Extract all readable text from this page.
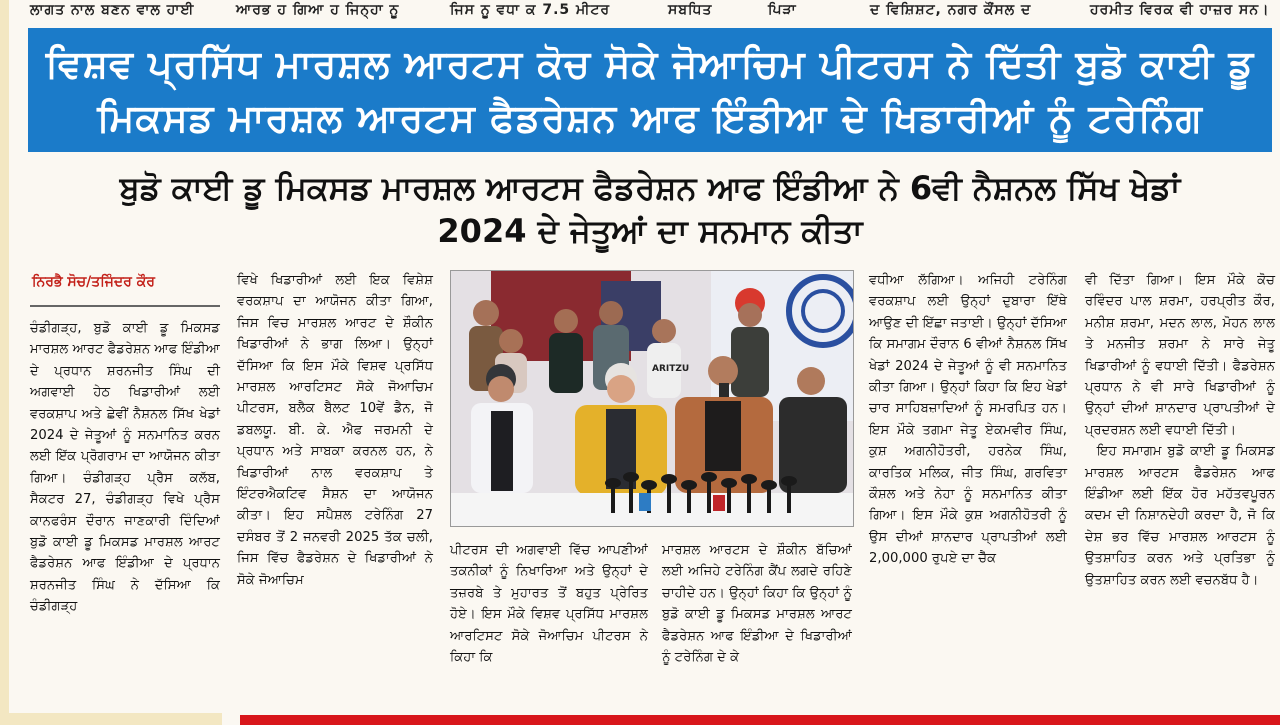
ਲਾਗਤ ਨਾਲ ਬਣਨ ਵਾਲ ਹਾਈ	ਆਰਭ ਹ ਗਿਆ ਹ ਜਿਨ੍ਹਾ ਨੂ	ਜਿਸ ਨੂ ਵਧਾ ਕ 7.5 ਮੀਟਰ	ਸਬਧਿਤ	ਪਿੜਾ	ਦ ਵਿਸ਼ਿਸ਼ਟ, ਨਗਰ ਕੌਂਸਲ ਦ	ਹਰਮੀਤ ਵਿਰਕ ਵੀ ਹਾਜ਼ਰ ਸਨ।
ਵਿਸ਼ਵ ਪ੍ਰਸਿੱਧ ਮਾਰਸ਼ਲ ਆਰਟਸ ਕੋਚ ਸੋਕੇ ਜੋਆਚਿਮ ਪੀਟਰਸ ਨੇ ਦਿੱਤੀ ਬੁਡੋ ਕਾਈ ਡੂ
ਮਿਕਸਡ ਮਾਰਸ਼ਲ ਆਰਟਸ ਫੈਡਰੇਸ਼ਨ ਆਫ ਇੰਡੀਆ ਦੇ ਖਿਡਾਰੀਆਂ ਨੂੰ ਟਰੇਨਿੰਗ
ਬੁਡੋ ਕਾਈ ਡੂ ਮਿਕਸਡ ਮਾਰਸ਼ਲ ਆਰਟਸ ਫੈਡਰੇਸ਼ਨ ਆਫ ਇੰਡੀਆ ਨੇ 6ਵੀ ਨੈਸ਼ਨਲ ਸਿੱਖ ਖੇਡਾਂ
2024 ਦੇ ਜੇਤੂਆਂ ਦਾ ਸਨਮਾਨ ਕੀਤਾ
ਨਿਰਭੈ ਸੋਚ/ਤਜਿੰਦਰ ਕੌਰ

ਚੰਡੀਗੜ੍ਹ, ਬੁਡੋ ਕਾਈ ਡੂ ਮਿਕਸਡ ਮਾਰਸ਼ਲ ਆਰਟ ਫੈਡਰੇਸ਼ਨ ਆਫ ਇੰਡੀਆ ਦੇ ਪ੍ਰਧਾਨ ਸ਼ਰਨਜੀਤ ਸਿੰਘ ਦੀ ਅਗਵਾਈ ਹੇਠ ਖਿਡਾਰੀਆਂ ਲਈ ਵਰਕਸ਼ਾਪ ਅਤੇ ਛੇਵੀਂ ਨੈਸ਼ਨਲ ਸਿੱਖ ਖੇਡਾਂ 2024 ਦੇ ਜੇਤੂਆਂ ਨੂੰ ਸਨਮਾਨਿਤ ਕਰਨ ਲਈ ਇੱਕ ਪ੍ਰੋਗਰਾਮ ਦਾ ਆਯੋਜਨ ਕੀਤਾ ਗਿਆ। ਚੰਡੀਗੜ੍ਹ ਪ੍ਰੈਸ ਕਲੱਬ, ਸੈਕਟਰ 27, ਚੰਡੀਗੜ੍ਹ ਵਿਖੇ ਪ੍ਰੈਸ ਕਾਨਫਰੰਸ ਦੌਰਾਨ ਜਾਣਕਾਰੀ ਦਿੰਦਿਆਂ ਬੁਡੋ ਕਾਈ ਡੂ ਮਿਕਸਡ ਮਾਰਸ਼ਲ ਆਰਟ ਫੈਡਰੇਸ਼ਨ ਆਫ ਇੰਡੀਆ ਦੇ ਪ੍ਰਧਾਨ ਸ਼ਰਨਜੀਤ ਸਿੰਘ ਨੇ ਦੱਸਿਆ ਕਿ ਚੰਡੀਗੜ੍ਹ

ਵਿਖੇ ਖਿਡਾਰੀਆਂ ਲਈ ਇਕ ਵਿਸ਼ੇਸ਼ ਵਰਕਸ਼ਾਪ ਦਾ ਆਯੋਜਨ ਕੀਤਾ ਗਿਆ, ਜਿਸ ਵਿਚ ਮਾਰਸ਼ਲ ਆਰਟ ਦੇ ਸ਼ੌਕੀਨ ਖਿਡਾਰੀਆਂ ਨੇ ਭਾਗ ਲਿਆ। ਉਨ੍ਹਾਂ ਦੱਸਿਆ ਕਿ ਇਸ ਮੌਕੇ ਵਿਸ਼ਵ ਪ੍ਰਸਿੱਧ ਮਾਰਸ਼ਲ ਆਰਟਿਸਟ ਸੋਕੇ ਜੋਆਚਿਮ ਪੀਟਰਸ, ਬਲੈਕ ਬੈਲਟ 10ਵੇਂ ਡੈਨ, ਜੋ ਡਬਲਯੂ. ਬੀ. ਕੇ. ਐਫ ਜਰਮਨੀ ਦੇ ਪ੍ਰਧਾਨ ਅਤੇ ਸਾਬਕਾ ਕਰਨਲ ਹਨ, ਨੇ ਖਿਡਾਰੀਆਂ ਨਾਲ ਵਰਕਸ਼ਾਪ ਤੇ ਇੰਟਰਐਕਟਿਵ ਸੈਸ਼ਨ ਦਾ ਆਯੋਜਨ ਕੀਤਾ। ਇਹ ਸਪੈਸ਼ਲ ਟਰੇਨਿੰਗ 27 ਦਸੰਬਰ ਤੋਂ 2 ਜਨਵਰੀ 2025 ਤੱਕ ਚਲੀ, ਜਿਸ ਵਿੱਚ ਫੈਡਰੇਸ਼ਨ ਦੇ ਖਿਡਾਰੀਆਂ ਨੇ ਸੋਕੇ ਜੋਆਚਿਮ

ਪੀਟਰਸ ਦੀ ਅਗਵਾਈ ਵਿੱਚ ਆਪਣੀਆਂ ਤਕਨੀਕਾਂ ਨੂੰ ਨਿਖਾਰਿਆ ਅਤੇ ਉਨ੍ਹਾਂ ਦੇ ਤਜ਼ਰਬੇ ਤੇ ਮੁਹਾਰਤ ਤੋਂ ਬਹੁਤ ਪ੍ਰੇਰਿਤ ਹੋਏ। ਇਸ ਮੌਕੇ ਵਿਸ਼ਵ ਪ੍ਰਸਿੱਧ ਮਾਰਸ਼ਲ ਆਰਟਿਸਟ ਸੋਕੇ ਜੋਆਚਿਮ ਪੀਟਰਸ ਨੇ ਕਿਹਾ ਕਿ

ਮਾਰਸ਼ਲ ਆਰਟਸ ਦੇ ਸ਼ੌਕੀਨ ਬੱਚਿਆਂ ਲਈ ਅਜਿਹੇ ਟਰੇਨਿੰਗ ਕੈਂਪ ਲਗਦੇ ਰਹਿਣੇ ਚਾਹੀਦੇ ਹਨ। ਉਨ੍ਹਾਂ ਕਿਹਾ ਕਿ ਉਨ੍ਹਾਂ ਨੂੰ ਬੁਡੋ ਕਾਈ ਡੂ ਮਿਕਸਡ ਮਾਰਸ਼ਲ ਆਰਟ ਫੈਡਰੇਸ਼ਨ ਆਫ ਇੰਡੀਆ ਦੇ ਖਿਡਾਰੀਆਂ ਨੂੰ ਟਰੇਨਿੰਗ ਦੇ ਕੇ

ਵਧੀਆ ਲੱਗਿਆ। ਅਜਿਹੀ ਟਰੇਨਿੰਗ ਵਰਕਸ਼ਾਪ ਲਈ ਉਨ੍ਹਾਂ ਦੁਬਾਰਾ ਇੱਥੇ ਆਉਣ ਦੀ ਇੱਛਾ ਜਤਾਈ। ਉਨ੍ਹਾਂ ਦੱਸਿਆ ਕਿ ਸਮਾਗਮ ਦੌਰਾਨ 6 ਵੀਆਂ ਨੈਸ਼ਨਲ ਸਿੱਖ ਖੇਡਾਂ 2024 ਦੇ ਜੇਤੂਆਂ ਨੂੰ ਵੀ ਸਨਮਾਨਿਤ ਕੀਤਾ ਗਿਆ। ਉਨ੍ਹਾਂ ਕਿਹਾ ਕਿ ਇਹ ਖੇਡਾਂ ਚਾਰ ਸਾਹਿਬਜ਼ਾਦਿਆਂ ਨੂੰ ਸਮਰਪਿਤ ਹਨ। ਇਸ ਮੌਕੇ ਤਗਮਾ ਜੇਤੂ ਏਕਮਵੀਰ ਸਿੰਘ, ਕੁਸ਼ ਅਗਨੀਹੋਤਰੀ, ਹਰਨੇਕ ਸਿੰਘ, ਕਾਰਤਿਕ ਮਲਿਕ, ਜੀਤ ਸਿੰਘ, ਗਰਵਿਤਾ ਕੌਸ਼ਲ ਅਤੇ ਨੇਹਾ ਨੂੰ ਸਨਮਾਨਿਤ ਕੀਤਾ ਗਿਆ। ਇਸ ਮੌਕੇ ਕੁਸ਼ ਅਗਨੀਹੋਤਰੀ ਨੂੰ ਉਸ ਦੀਆਂ ਸ਼ਾਨਦਾਰ ਪ੍ਰਾਪਤੀਆਂ ਲਈ 2,00,000 ਰੁਪਏ ਦਾ ਚੈੱਕ

ਵੀ ਦਿੱਤਾ ਗਿਆ। ਇਸ ਮੌਕੇ ਕੋਚ ਰਵਿੰਦਰ ਪਾਲ ਸ਼ਰਮਾ, ਹਰਪ੍ਰੀਤ ਕੌਰ, ਮਨੀਸ਼ ਸ਼ਰਮਾ, ਮਦਨ ਲਾਲ, ਮੋਹਨ ਲਾਲ ਤੇ ਮਨਜੀਤ ਸ਼ਰਮਾ ਨੇ ਸਾਰੇ ਜੇਤੂ ਖਿਡਾਰੀਆਂ ਨੂੰ ਵਧਾਈ ਦਿੱਤੀ। ਫੈਡਰੇਸ਼ਨ ਪ੍ਰਧਾਨ ਨੇ ਵੀ ਸਾਰੇ ਖਿਡਾਰੀਆਂ ਨੂੰ ਉਨ੍ਹਾਂ ਦੀਆਂ ਸ਼ਾਨਦਾਰ ਪ੍ਰਾਪਤੀਆਂ ਦੇ ਪ੍ਰਦਰਸ਼ਨ ਲਈ ਵਧਾਈ ਦਿੱਤੀ।

ਇਹ ਸਮਾਗਮ ਬੁਡੋ ਕਾਈ ਡੂ ਮਿਕਸਡ ਮਾਰਸ਼ਲ ਆਰਟਸ ਫੈਡਰੇਸ਼ਨ ਆਫ ਇੰਡੀਆ ਲਈ ਇੱਕ ਹੋਰ ਮਹੱਤਵਪੂਰਨ ਕਦਮ ਦੀ ਨਿਸ਼ਾਨਦੇਹੀ ਕਰਦਾ ਹੈ, ਜੋ ਕਿ ਦੇਸ਼ ਭਰ ਵਿੱਚ ਮਾਰਸ਼ਲ ਆਰਟਸ ਨੂੰ ਉਤਸ਼ਾਹਿਤ ਕਰਨ ਅਤੇ ਪ੍ਰਤਿਭਾ ਨੂੰ ਉਤਸ਼ਾਹਿਤ ਕਰਨ ਲਈ ਵਚਨਬੱਧ ਹੈ।

ARITZU
